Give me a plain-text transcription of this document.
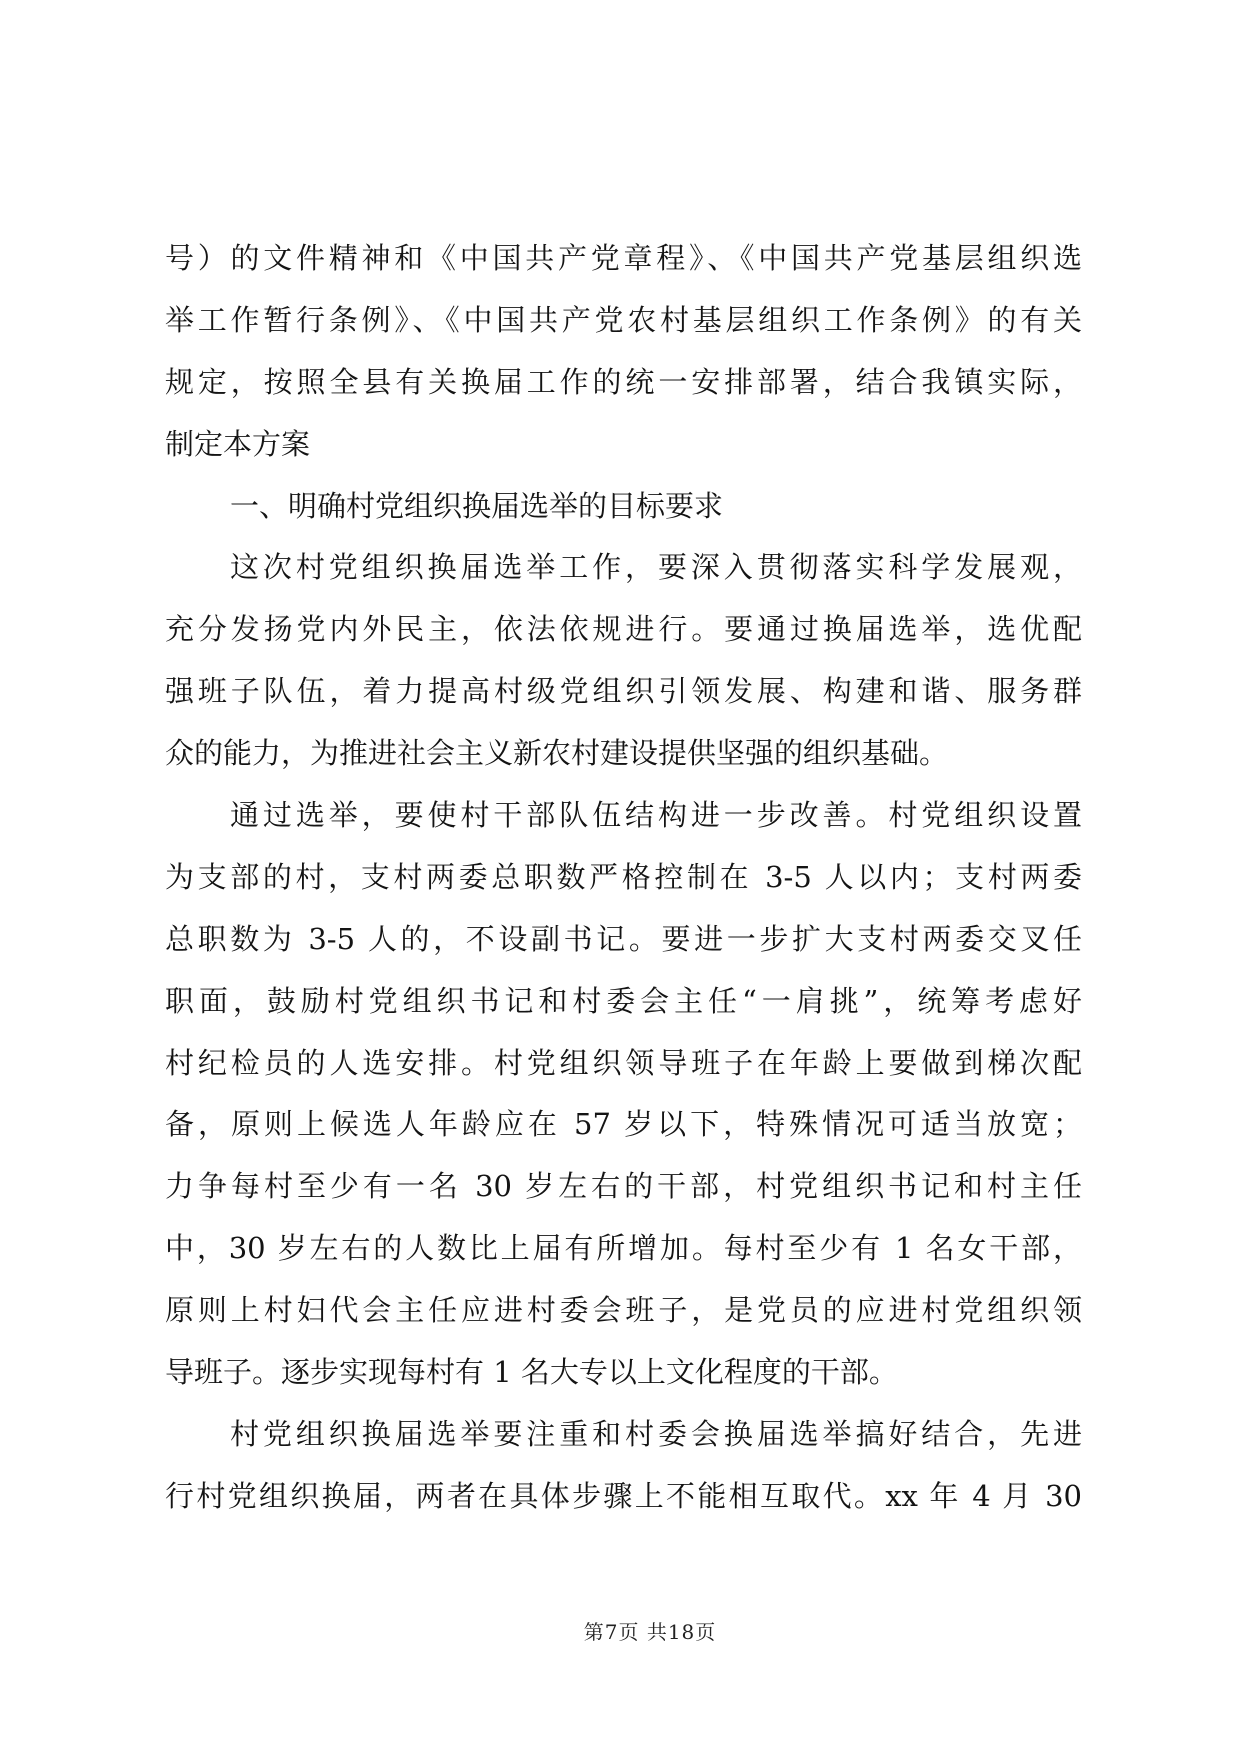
号）的文件精神和《中国共产党章程》、《中国共产党基层组织选
举工作暂行条例》、《中国共产党农村基层组织工作条例》的有关
规定，按照全县有关换届工作的统一安排部署，结合我镇实际，
制定本方案
一、明确村党组织换届选举的目标要求
这次村党组织换届选举工作，要深入贯彻落实科学发展观，
充分发扬党内外民主，依法依规进行。要通过换届选举，选优配
强班子队伍，着力提高村级党组织引领发展、构建和谐、服务群
众的能力，为推进社会主义新农村建设提供坚强的组织基础。
通过选举，要使村干部队伍结构进一步改善。村党组织设置
为支部的村，支村两委总职数严格控制在 3-5 人以内；支村两委
总职数为 3-5 人的，不设副书记。要进一步扩大支村两委交叉任
职面，鼓励村党组织书记和村委会主任“一肩挑”，统筹考虑好
村纪检员的人选安排。村党组织领导班子在年龄上要做到梯次配
备，原则上候选人年龄应在 57 岁以下，特殊情况可适当放宽；
力争每村至少有一名 30 岁左右的干部，村党组织书记和村主任
中，30 岁左右的人数比上届有所增加。每村至少有 1 名女干部，
原则上村妇代会主任应进村委会班子，是党员的应进村党组织领
导班子。逐步实现每村有 1 名大专以上文化程度的干部。
村党组织换届选举要注重和村委会换届选举搞好结合，先进
行村党组织换届，两者在具体步骤上不能相互取代。xx 年 4 月 30
第7页 共18页
